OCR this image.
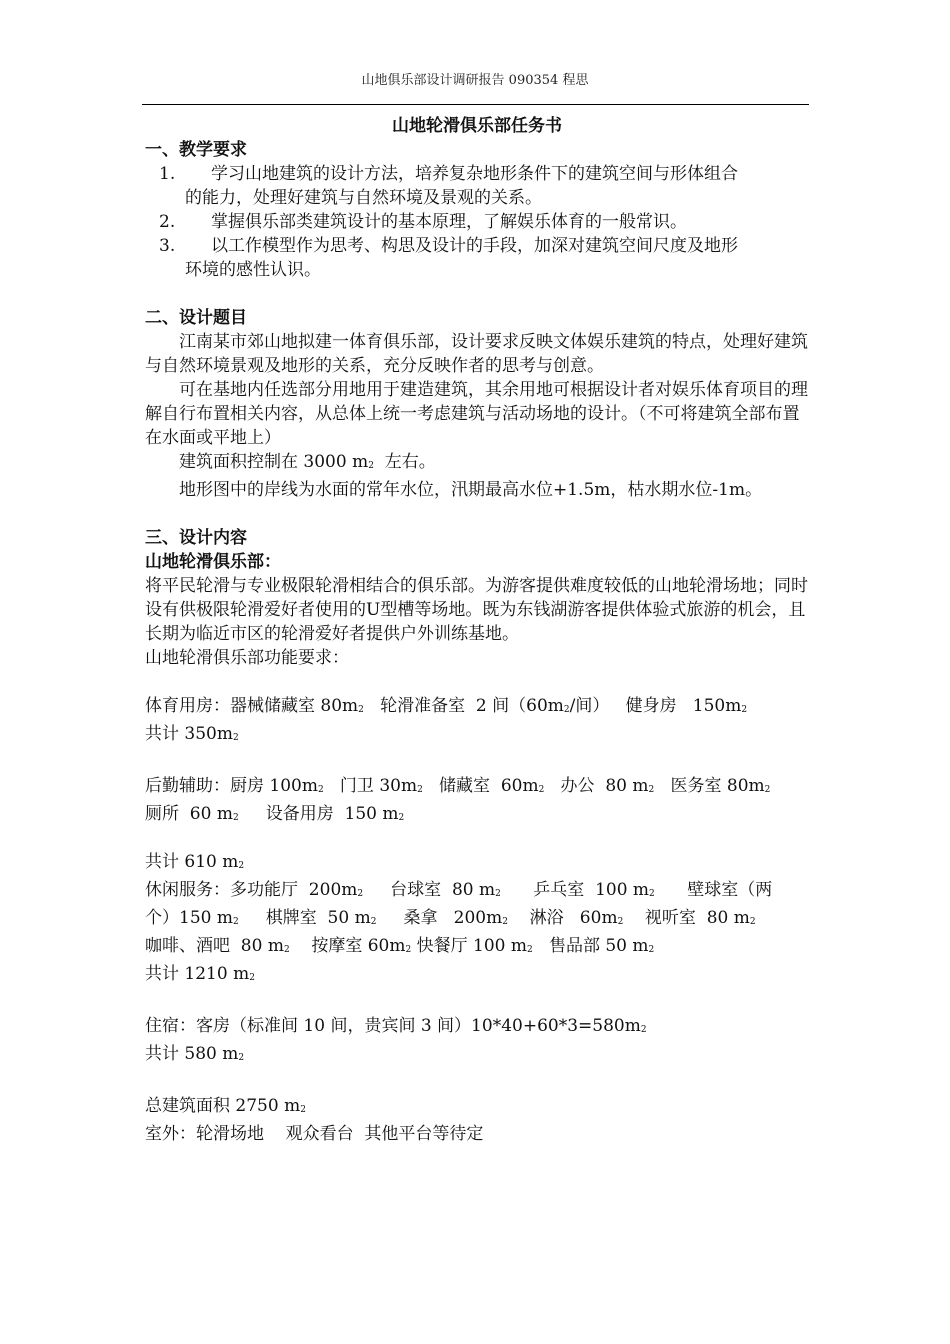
山地俱乐部设计调研报告 090354 程思

山地轮滑俱乐部任务书

一、教学要求

1.	学习山地建筑的设计方法，培养复杂地形条件下的建筑空间与形体组合

的能力，处理好建筑与自然环境及景观的关系。

2.	掌握俱乐部类建筑设计的基本原理，了解娱乐体育的一般常识。
3.	以工作模型作为思考、构思及设计的手段，加深对建筑空间尺度及地形

环境的感性认识。

二、设计题目

江南某市郊山地拟建一体育俱乐部，设计要求反映文体娱乐建筑的特点，处理好建筑与自然环境景观及地形的关系，充分反映作者的思考与创意。

可在基地内任选部分用地用于建造建筑，其余用地可根据设计者对娱乐体育项目的理解自行布置相关内容，从总体上统一考虑建筑与活动场地的设计。（不可将建筑全部布置在水面或平地上）

建筑面积控制在 3000 $m^2$  左右。

地形图中的岸线为水面的常年水位，汛期最高水位+1.5m，枯水期水位-1m。

三、设计内容

山地轮滑俱乐部：

将平民轮滑与专业极限轮滑相结合的俱乐部。为游客提供难度较低的山地轮滑场地；同时设有供极限轮滑爱好者使用的U型槽等场地。既为东钱湖游客提供体验式旅游的机会，且长期为临近市区的轮滑爱好者提供户外训练基地。

山地轮滑俱乐部功能要求：

体育用房：器械储藏室 $80m^2$   轮滑准备室  2 间（$60m^2/$间）   健身房   $150m^2$

共计 $350m^2$

后勤辅助：厨房 $100m^2$   门卫 $30m^2$   储藏室  $60m^2$   办公  80 $m^2$   医务室 $80m^2$

厕所  60 $m^2$     设备用房  150 $m^2$

共计 610 $m^2$

休闲服务：多功能厅  $200m^2$     台球室  80 $m^2$      乒乓室  100 $m^2$      壁球室（两

个）150 $m^2$     棋牌室  50 $m^2$     桑拿   $200m^2$    淋浴   $60m^2$    视听室  80 $m^2$

咖啡、酒吧  80 $m^2$    按摩室 $60m^2$ 快餐厅 100 $m^2$   售品部 50 $m^2$

共计 1210 $m^2$

住宿：客房（标准间 10 间，贵宾间 3 间）$10*40+60*3=580m^2$

共计 580 $m^2$

总建筑面积 2750 $m^2$

室外：轮滑场地    观众看台  其他平台等待定
